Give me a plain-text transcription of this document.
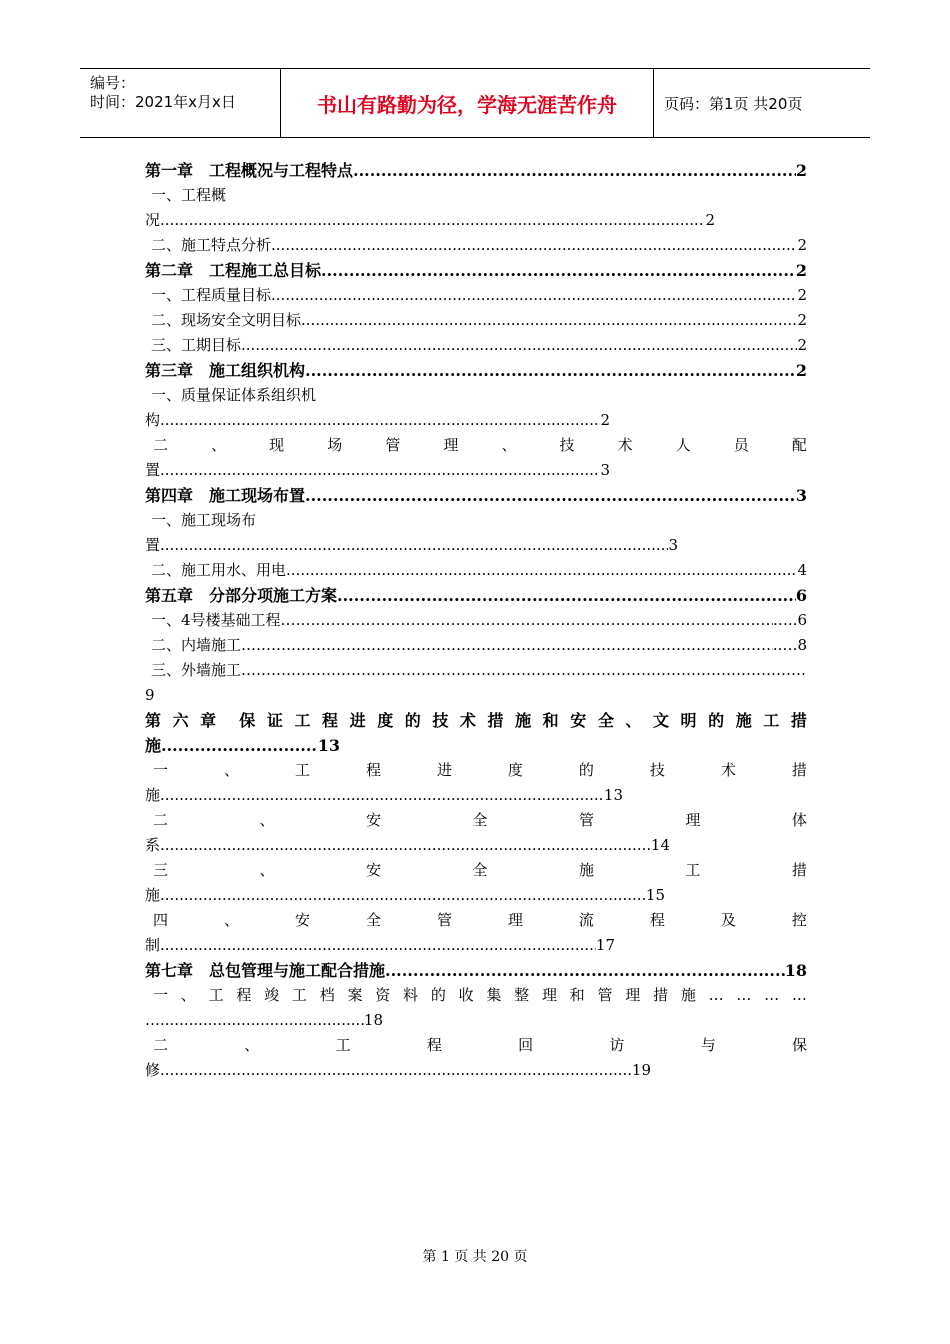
编号：
时间：2021年x月x日	书山有路勤为径，学海无涯苦作舟	页码：第1页 共20页
第一章　工程概况与工程特点 .....	2
一、工程概
况 .....	2
二、施工特点分析 .....	2
第二章　工程施工总目标 .....	2
一、工程质量目标 .....	2
二、现场安全文明目标 .....	2
三、工期目标 .....	2
第三章　施工组织机构 .....	2
一、质量保证体系组织机
构 .....	2
二	、	现	场	管	理	、	技	术	人	员	配
置 .....	3
第四章　施工现场布置 .....	3
一、施工现场布
置 .....	3
二、施工用水、用电 .....	4
第五章　分部分项施工方案 .....	6
一、4号楼基础工程 …………………………………………………………………………………………………………………………………………………………………	…..6
二、内墙施工 …………………………………………………………………………………………………………………………………………………………………	..…8
三、外墙施工
…………………………………………………………………………………………………………………………………………………………………
9
第 六 章 保 证 工 程 进 度 的 技 术 措 施 和 安 全 、 文 明 的 施 工 措
施 .....	13
一	、	工	程	进	度	的	技	术	措
施 .....	13
二	、	安	全	管	理	体
系 .....	14
三	、	安	全	施	工	措
施 .....	15
四	、	安	全	管	理	流	程	及	控
制 .....	17
第七章　总包管理与施工配合措施 .....	18
一 、 工 程 竣 工 档 案 资 料 的 收 集 整 理 和 管 理 措 施 … … … …
… .....	18
二	、	工	程	回	访	与	保
修 .....	19
第 1 页 共 20 页
